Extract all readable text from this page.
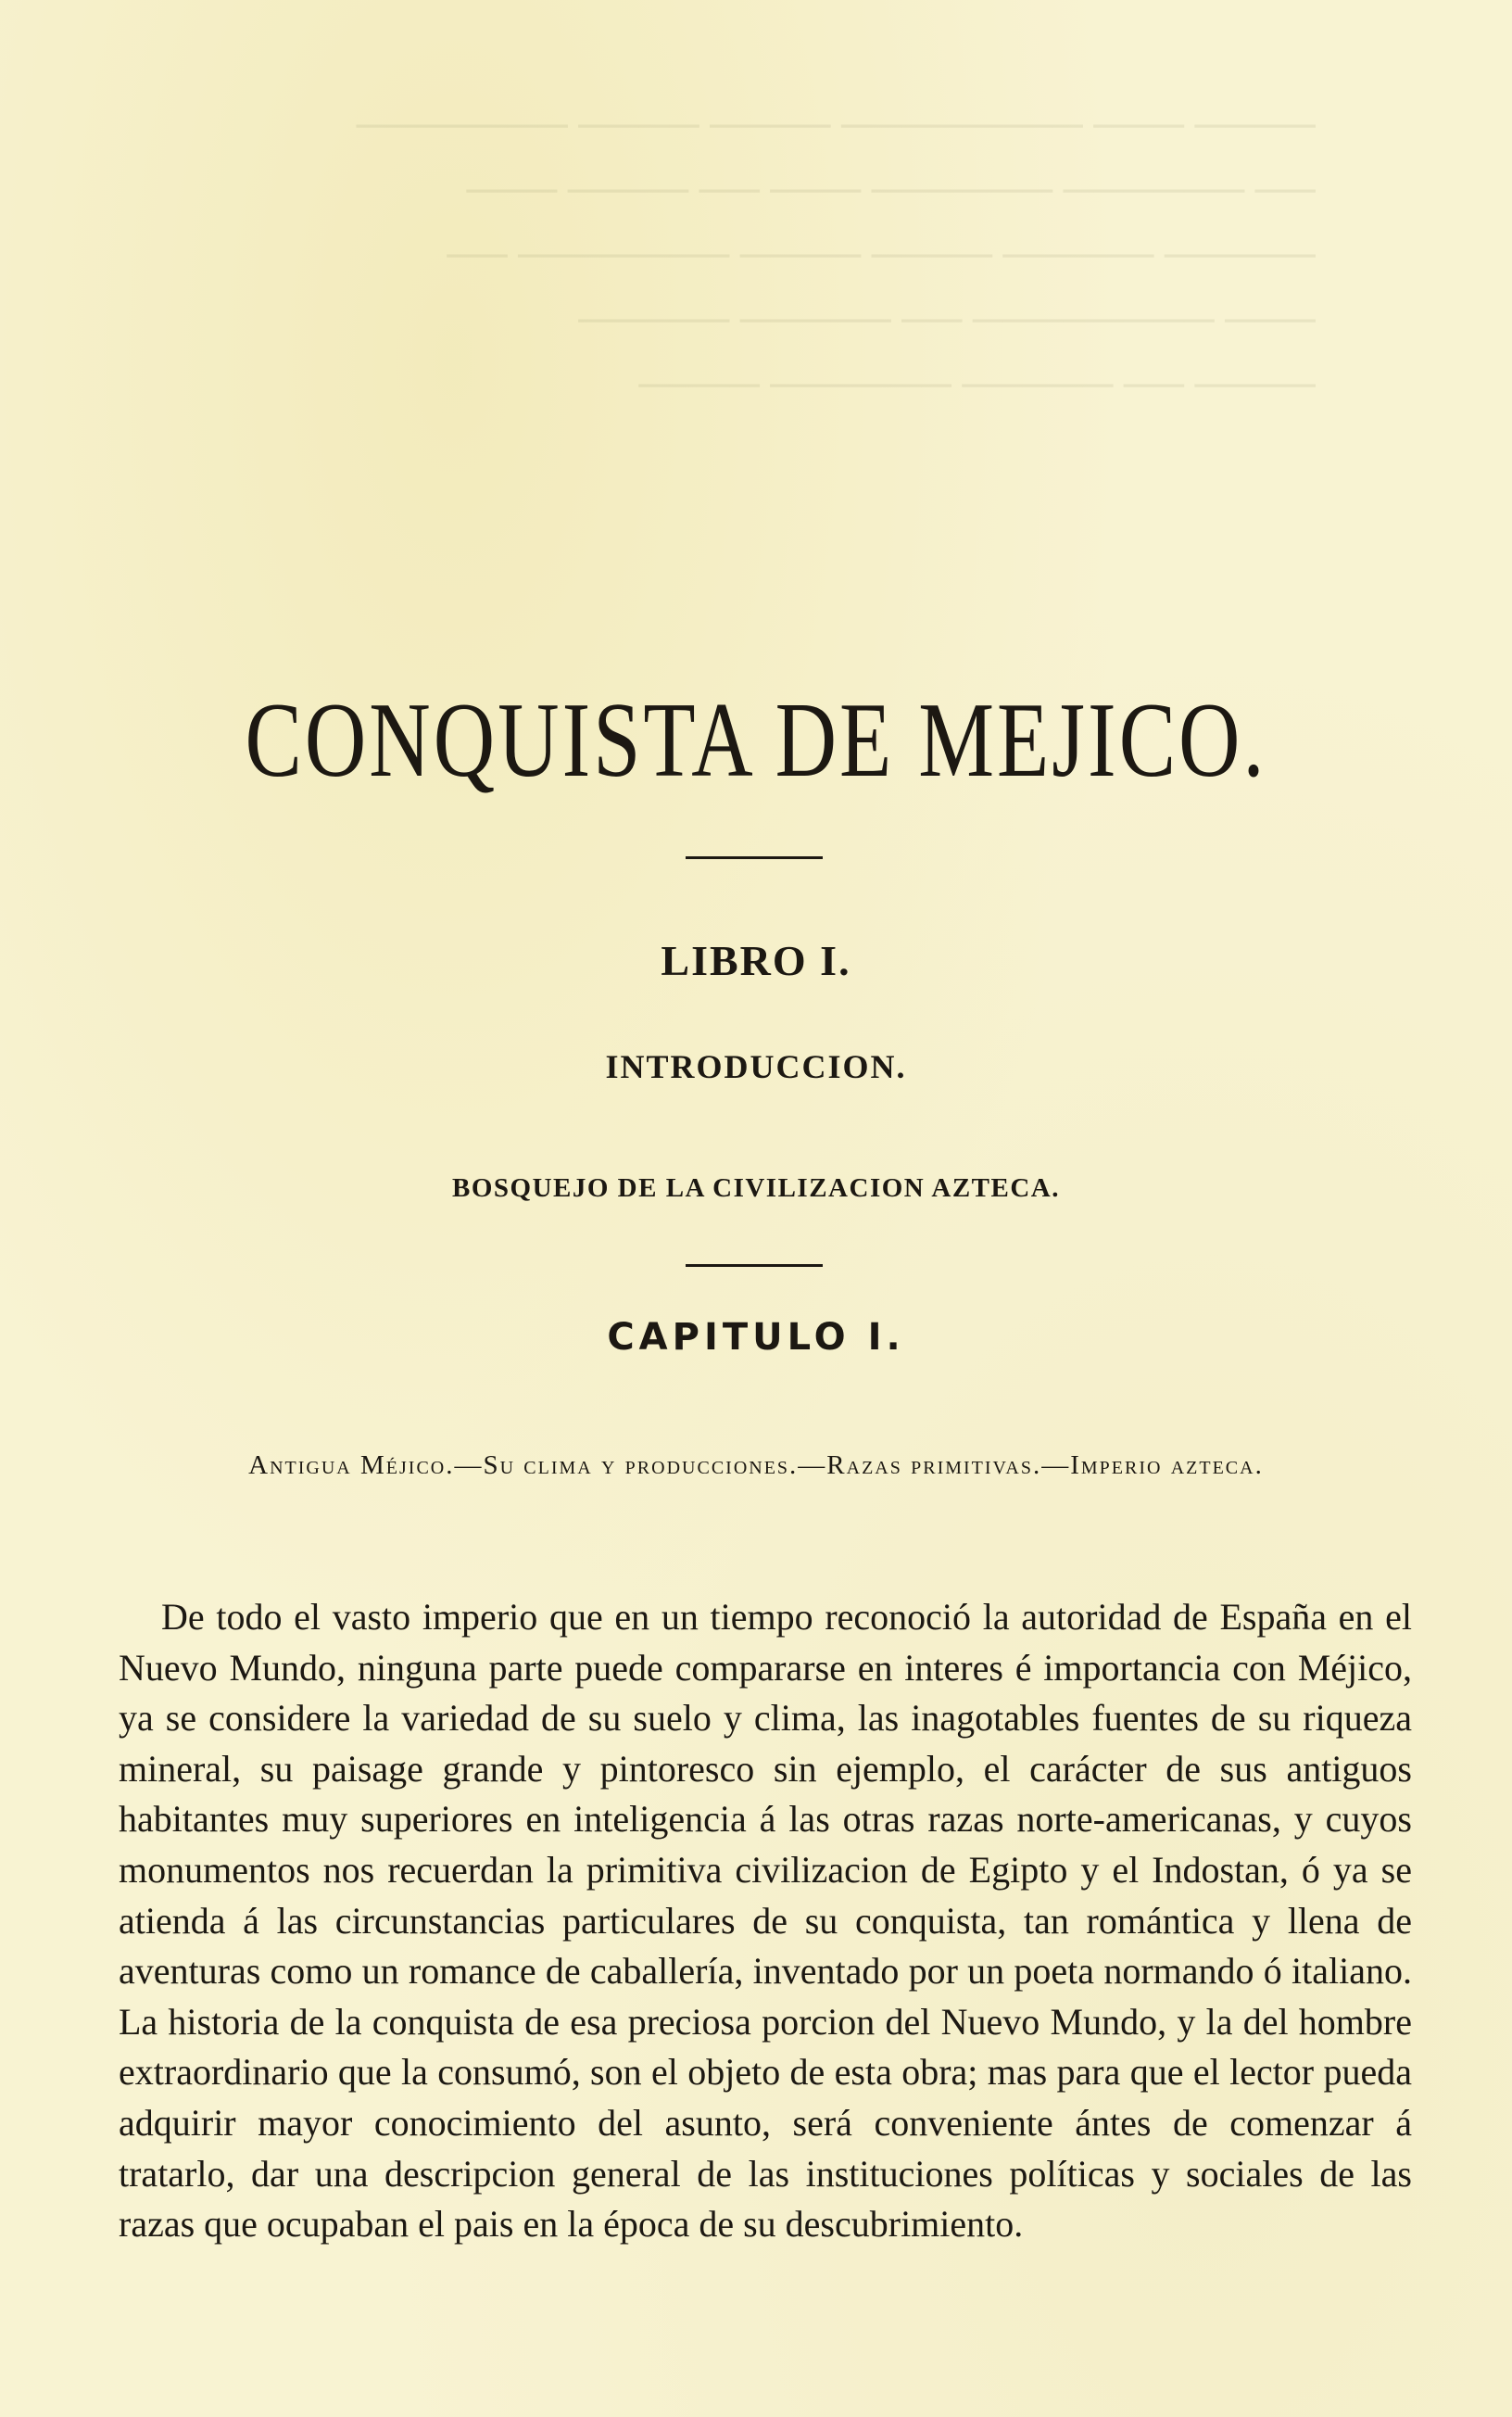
──── ─── ──────── ──── ──── ───────
── ────── ────── ─── ── ──── ───
───── ───── ──── ──── ─────── ──
─── ──────── ── ───── ─────
──── ── ───── ────── ────
CONQUISTA DE MEJICO.
LIBRO I.
INTRODUCCION.
BOSQUEJO DE LA CIVILIZACION AZTECA.
CAPITULO I.

Antigua Méjico.—Su clima y producciones.—Razas primitivas.—Imperio azteca.

De todo el vasto imperio que en un tiempo reconoció la autoridad de España en el Nuevo Mundo, ninguna parte puede compararse en interes é importancia con Méjico, ya se considere la variedad de su suelo y clima, las inagotables fuentes de su riqueza mineral, su paisage grande y pintoresco sin ejemplo, el carácter de sus antiguos habitantes muy superiores en inteligencia á las otras razas norte-americanas, y cuyos monumentos nos recuerdan la primitiva civilizacion de Egipto y el Indostan, ó ya se atienda á las circunstancias particulares de su conquista, tan romántica y llena de aventuras como un romance de caballería, inventado por un poeta normando ó italiano. La historia de la conquista de esa preciosa porcion del Nuevo Mundo, y la del hombre extraordinario que la consumó, son el objeto de esta obra; mas para que el lector pueda adquirir mayor conocimiento del asunto, será conveniente ántes de comenzar á tratarlo, dar una descripcion general de las instituciones políticas y sociales de las razas que ocupaban el pais en la época de su descubrimiento.
